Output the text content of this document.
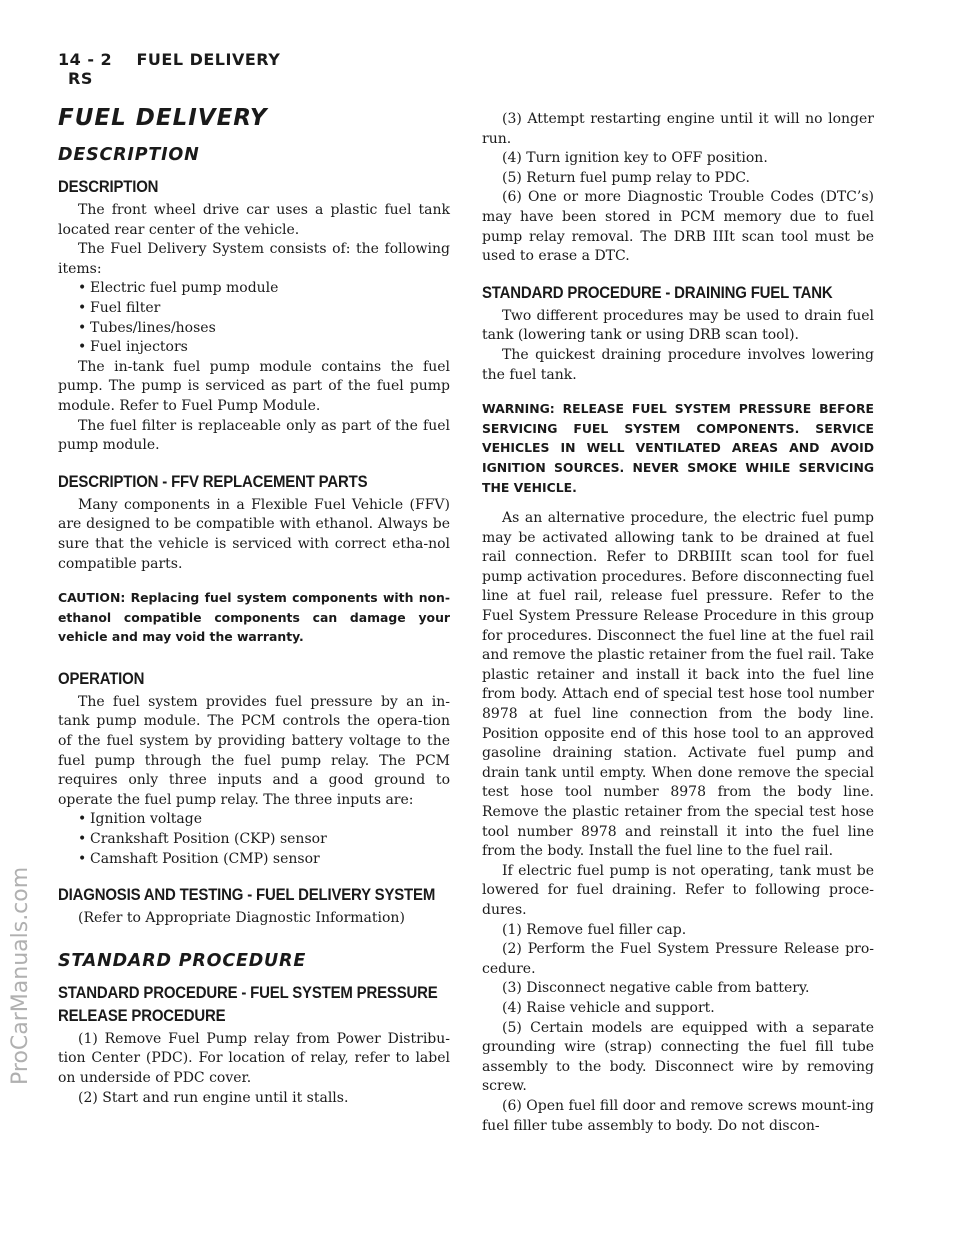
14 - 2    FUEL DELIVERY
RS
ProCarManuals.com
FUEL DELIVERY
DESCRIPTION
DESCRIPTION

The front wheel drive car uses a plastic fuel tank located rear center of the vehicle.

The Fuel Delivery System consists of: the following items:

• Electric fuel pump module
• Fuel filter
• Tubes/lines/hoses
• Fuel injectors

The in-tank fuel pump module contains the fuel pump. The pump is serviced as part of the fuel pump module. Refer to Fuel Pump Module.

The fuel filter is replaceable only as part of the fuel pump module.

DESCRIPTION - FFV REPLACEMENT PARTS

Many components in a Flexible Fuel Vehicle (FFV) are designed to be compatible with ethanol. Always be sure that the vehicle is serviced with correct etha-nol compatible parts.

CAUTION: Replacing fuel system components with non-ethanol compatible components can damage your vehicle and may void the warranty.

OPERATION

The fuel system provides fuel pressure by an in-tank pump module. The PCM controls the opera-tion of the fuel system by providing battery voltage to the fuel pump through the fuel pump relay. The PCM requires only three inputs and a good ground to operate the fuel pump relay. The three inputs are:

• Ignition voltage
• Crankshaft Position (CKP) sensor
• Camshaft Position (CMP) sensor
DIAGNOSIS AND TESTING - FUEL DELIVERY SYSTEM

(Refer to Appropriate Diagnostic Information)

STANDARD PROCEDURE
STANDARD PROCEDURE - FUEL SYSTEM PRESSURE RELEASE PROCEDURE

(1) Remove Fuel Pump relay from Power Distribu-tion Center (PDC). For location of relay, refer to label on underside of PDC cover.

(2) Start and run engine until it stalls.

(3) Attempt restarting engine until it will no longer run.

(4) Turn ignition key to OFF position.

(5) Return fuel pump relay to PDC.

(6) One or more Diagnostic Trouble Codes (DTC’s) may have been stored in PCM memory due to fuel pump relay removal. The DRB IIIt scan tool must be used to erase a DTC.

STANDARD PROCEDURE - DRAINING FUEL TANK

Two different procedures may be used to drain fuel tank (lowering tank or using DRB scan tool).

The quickest draining procedure involves lowering the fuel tank.

WARNING: RELEASE FUEL SYSTEM PRESSURE BEFORE SERVICING FUEL SYSTEM COMPONENTS. SERVICE VEHICLES IN WELL VENTILATED AREAS AND AVOID IGNITION SOURCES. NEVER SMOKE WHILE SERVICING THE VEHICLE.

As an alternative procedure, the electric fuel pump may be activated allowing tank to be drained at fuel rail connection. Refer to DRBIIIt scan tool for fuel pump activation procedures. Before disconnecting fuel line at fuel rail, release fuel pressure. Refer to the Fuel System Pressure Release Procedure in this group for procedures. Disconnect the fuel line at the fuel rail and remove the plastic retainer from the fuel rail. Take plastic retainer and install it back into the fuel line from body. Attach end of special test hose tool number 8978 at fuel line connection from the body line. Position opposite end of this hose tool to an approved gasoline draining station. Activate fuel pump and drain tank until empty. When done remove the special test hose tool number 8978 from the body line. Remove the plastic retainer from the special test hose tool number 8978 and reinstall it into the fuel line from the body. Install the fuel line to the fuel rail.

If electric fuel pump is not operating, tank must be lowered for fuel draining. Refer to following proce-dures.

(1) Remove fuel filler cap.

(2) Perform the Fuel System Pressure Release pro-cedure.

(3) Disconnect negative cable from battery.

(4) Raise vehicle and support.

(5) Certain models are equipped with a separate grounding wire (strap) connecting the fuel fill tube assembly to the body. Disconnect wire by removing screw.

(6) Open fuel fill door and remove screws mount-ing fuel filler tube assembly to body. Do not discon-
